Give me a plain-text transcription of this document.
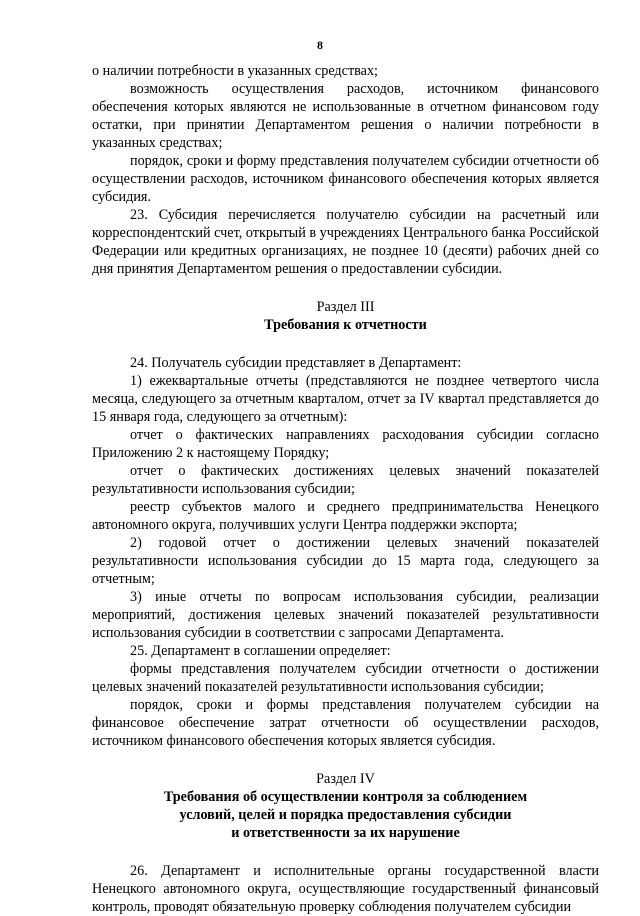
8

о наличии потребности в указанных средствах;

возможность осуществления расходов, источником финансового обеспечения которых являются не использованные в отчетном финансовом году остатки, при принятии Департаментом решения о наличии потребности в указанных средствах;

порядок, сроки и форму представления получателем субсидии отчетности об осуществлении расходов, источником финансового обеспечения которых является субсидия.

23. Субсидия перечисляется получателю субсидии на расчетный или корреспондентский счет, открытый в учреждениях Центрального банка Российской Федерации или кредитных организациях, не позднее 10 (десяти) рабочих дней со дня принятия Департаментом решения о предоставлении субсидии.

Раздел III

Требования к отчетности

24. Получатель субсидии представляет в Департамент:

1) ежеквартальные отчеты (представляются не позднее четвертого числа месяца, следующего за отчетным кварталом, отчет за IV квартал представляется до 15 января года, следующего за отчетным):

отчет о фактических направлениях расходования субсидии согласно Приложению 2 к настоящему Порядку;

отчет о фактических достижениях целевых значений показателей результативности использования субсидии;

реестр субъектов малого и среднего предпринимательства Ненецкого автономного округа, получивших услуги Центра поддержки экспорта;

2) годовой отчет о достижении целевых значений показателей результативности использования субсидии до 15 марта года, следующего за отчетным;

3) иные отчеты по вопросам использования субсидии, реализации мероприятий, достижения целевых значений показателей результативности использования субсидии в соответствии с запросами Департамента.

25. Департамент в соглашении определяет:

формы представления получателем субсидии отчетности о достижении целевых значений показателей результативности использования субсидии;

порядок, сроки и формы представления получателем субсидии на финансовое обеспечение затрат отчетности об осуществлении расходов, источником финансового обеспечения которых является субсидия.

Раздел IV

Требования об осуществлении контроля за соблюдением

условий, целей и порядка предоставления субсидии

и ответственности за их нарушение

26. Департамент и исполнительные органы государственной власти Ненецкого автономного округа, осуществляющие государственный финансовый контроль, проводят обязательную проверку соблюдения получателем субсидии
